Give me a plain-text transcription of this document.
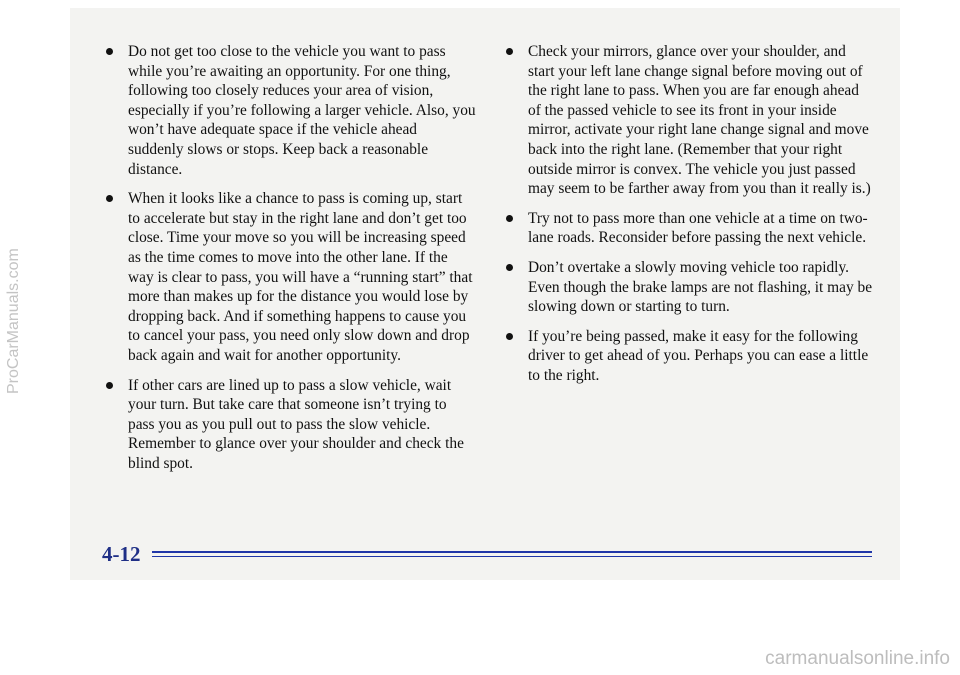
Do not get too close to the vehicle you want to pass while you’re awaiting an opportunity. For one thing, following too closely reduces your area of vision, especially if you’re following a larger vehicle. Also, you won’t have adequate space if the vehicle ahead suddenly slows or stops. Keep back a reasonable distance.
When it looks like a chance to pass is coming up, start to accelerate but stay in the right lane and don’t get too close. Time your move so you will be increasing speed as the time comes to move into the other lane. If the way is clear to pass, you will have a “running start” that more than makes up for the distance you would lose by dropping back. And if something happens to cause you to cancel your pass, you need only slow down and drop back again and wait for another opportunity.
If other cars are lined up to pass a slow vehicle, wait your turn. But take care that someone isn’t trying to pass you as you pull out to pass the slow vehicle. Remember to glance over your shoulder and check the blind spot.
Check your mirrors, glance over your shoulder, and start your left lane change signal before moving out of the right lane to pass. When you are far enough ahead of the passed vehicle to see its front in your inside mirror, activate your right lane change signal and move back into the right lane. (Remember that your right outside mirror is convex. The vehicle you just passed may seem to be farther away from you than it really is.)
Try not to pass more than one vehicle at a time on two-lane roads. Reconsider before passing the next vehicle.
Don’t overtake a slowly moving vehicle too rapidly. Even though the brake lamps are not flashing, it may be slowing down or starting to turn.
If you’re being passed, make it easy for the following driver to get ahead of you. Perhaps you can ease a little to the right.
4-12
ProCarManuals.com
carmanualsonline.info
